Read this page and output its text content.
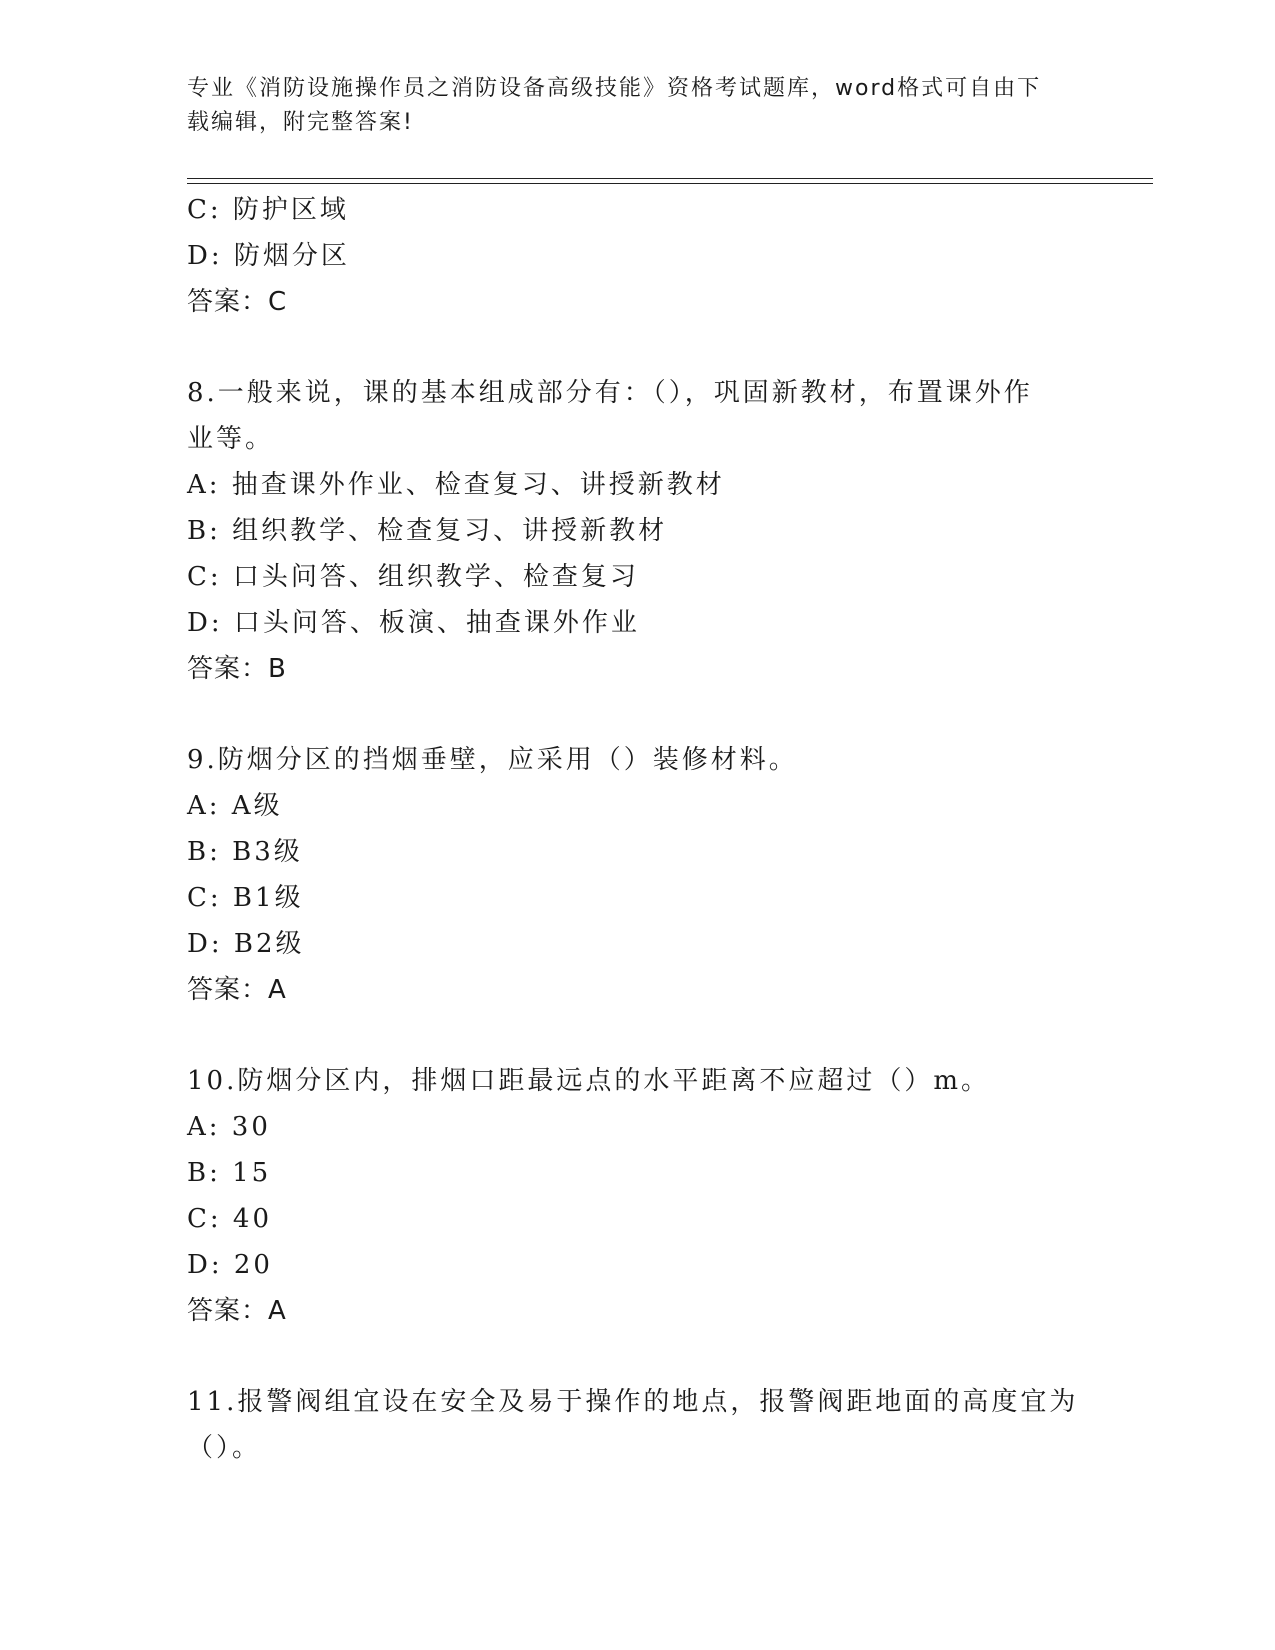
专业《消防设施操作员之消防设备高级技能》资格考试题库，word格式可自由下
载编辑，附完整答案!
C: 防护区域
D: 防烟分区
答案：C
8.一般来说，课的基本组成部分有：（），巩固新教材，布置课外作
业等。
A: 抽查课外作业、检查复习、讲授新教材
B: 组织教学、检查复习、讲授新教材
C: 口头问答、组织教学、检查复习
D: 口头问答、板演、抽查课外作业
答案：B
9.防烟分区的挡烟垂壁，应采用（）装修材料。
A: A级
B: B3级
C: B1级
D: B2级
答案：A
10.防烟分区内，排烟口距最远点的水平距离不应超过（）m。
A: 30
B: 15
C: 40
D: 20
答案：A
11.报警阀组宜设在安全及易于操作的地点，报警阀距地面的高度宜为
（）。
